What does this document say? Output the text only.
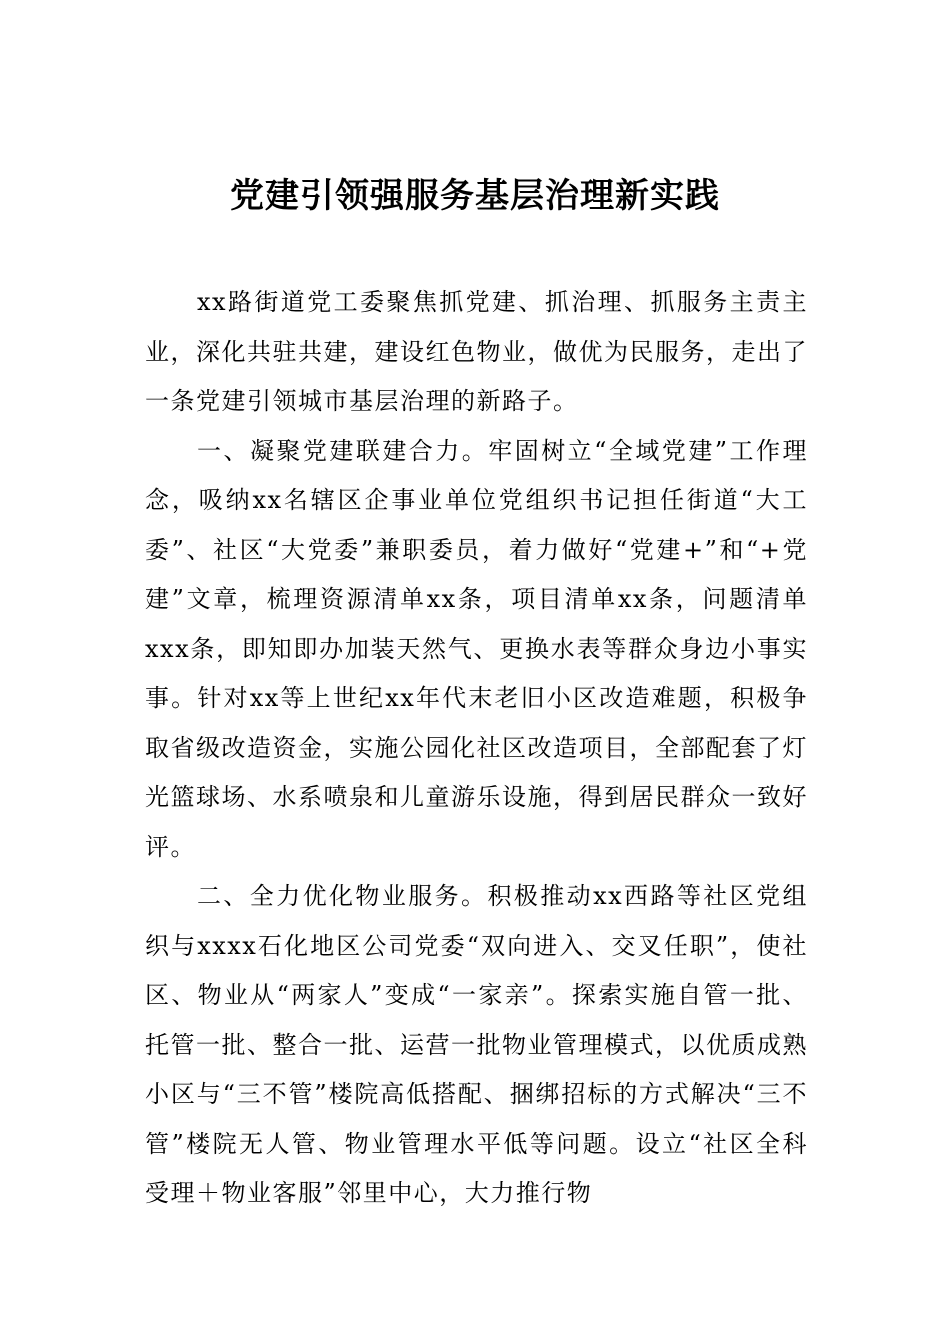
党建引领强服务基层治理新实践

xx路街道党工委聚焦抓党建、抓治理、抓服务主责主业，深化共驻共建，建设红色物业，做优为民服务，走出了一条党建引领城市基层治理的新路子。

一、凝聚党建联建合力。牢固树立“全域党建”工作理念，吸纳xx名辖区企事业单位党组织书记担任街道“大工委”、社区“大党委”兼职委员，着力做好“党建+”和“+党建”文章，梳理资源清单xx条，项目清单xx条，问题清单xxx条，即知即办加装天然气、更换水表等群众身边小事实事。针对xx等上世纪xx年代末老旧小区改造难题，积极争取省级改造资金，实施公园化社区改造项目，全部配套了灯光篮球场、水系喷泉和儿童游乐设施，得到居民群众一致好评。

二、全力优化物业服务。积极推动xx西路等社区党组织与xxxx石化地区公司党委“双向进入、交叉任职”，使社区、物业从“两家人”变成“一家亲”。探索实施自管一批、托管一批、整合一批、运营一批物业管理模式，以优质成熟小区与“三不管”楼院高低搭配、捆绑招标的方式解决“三不管”楼院无人管、物业管理水平低等问题。设立“社区全科受理＋物业客服”邻里中心，大力推行物
